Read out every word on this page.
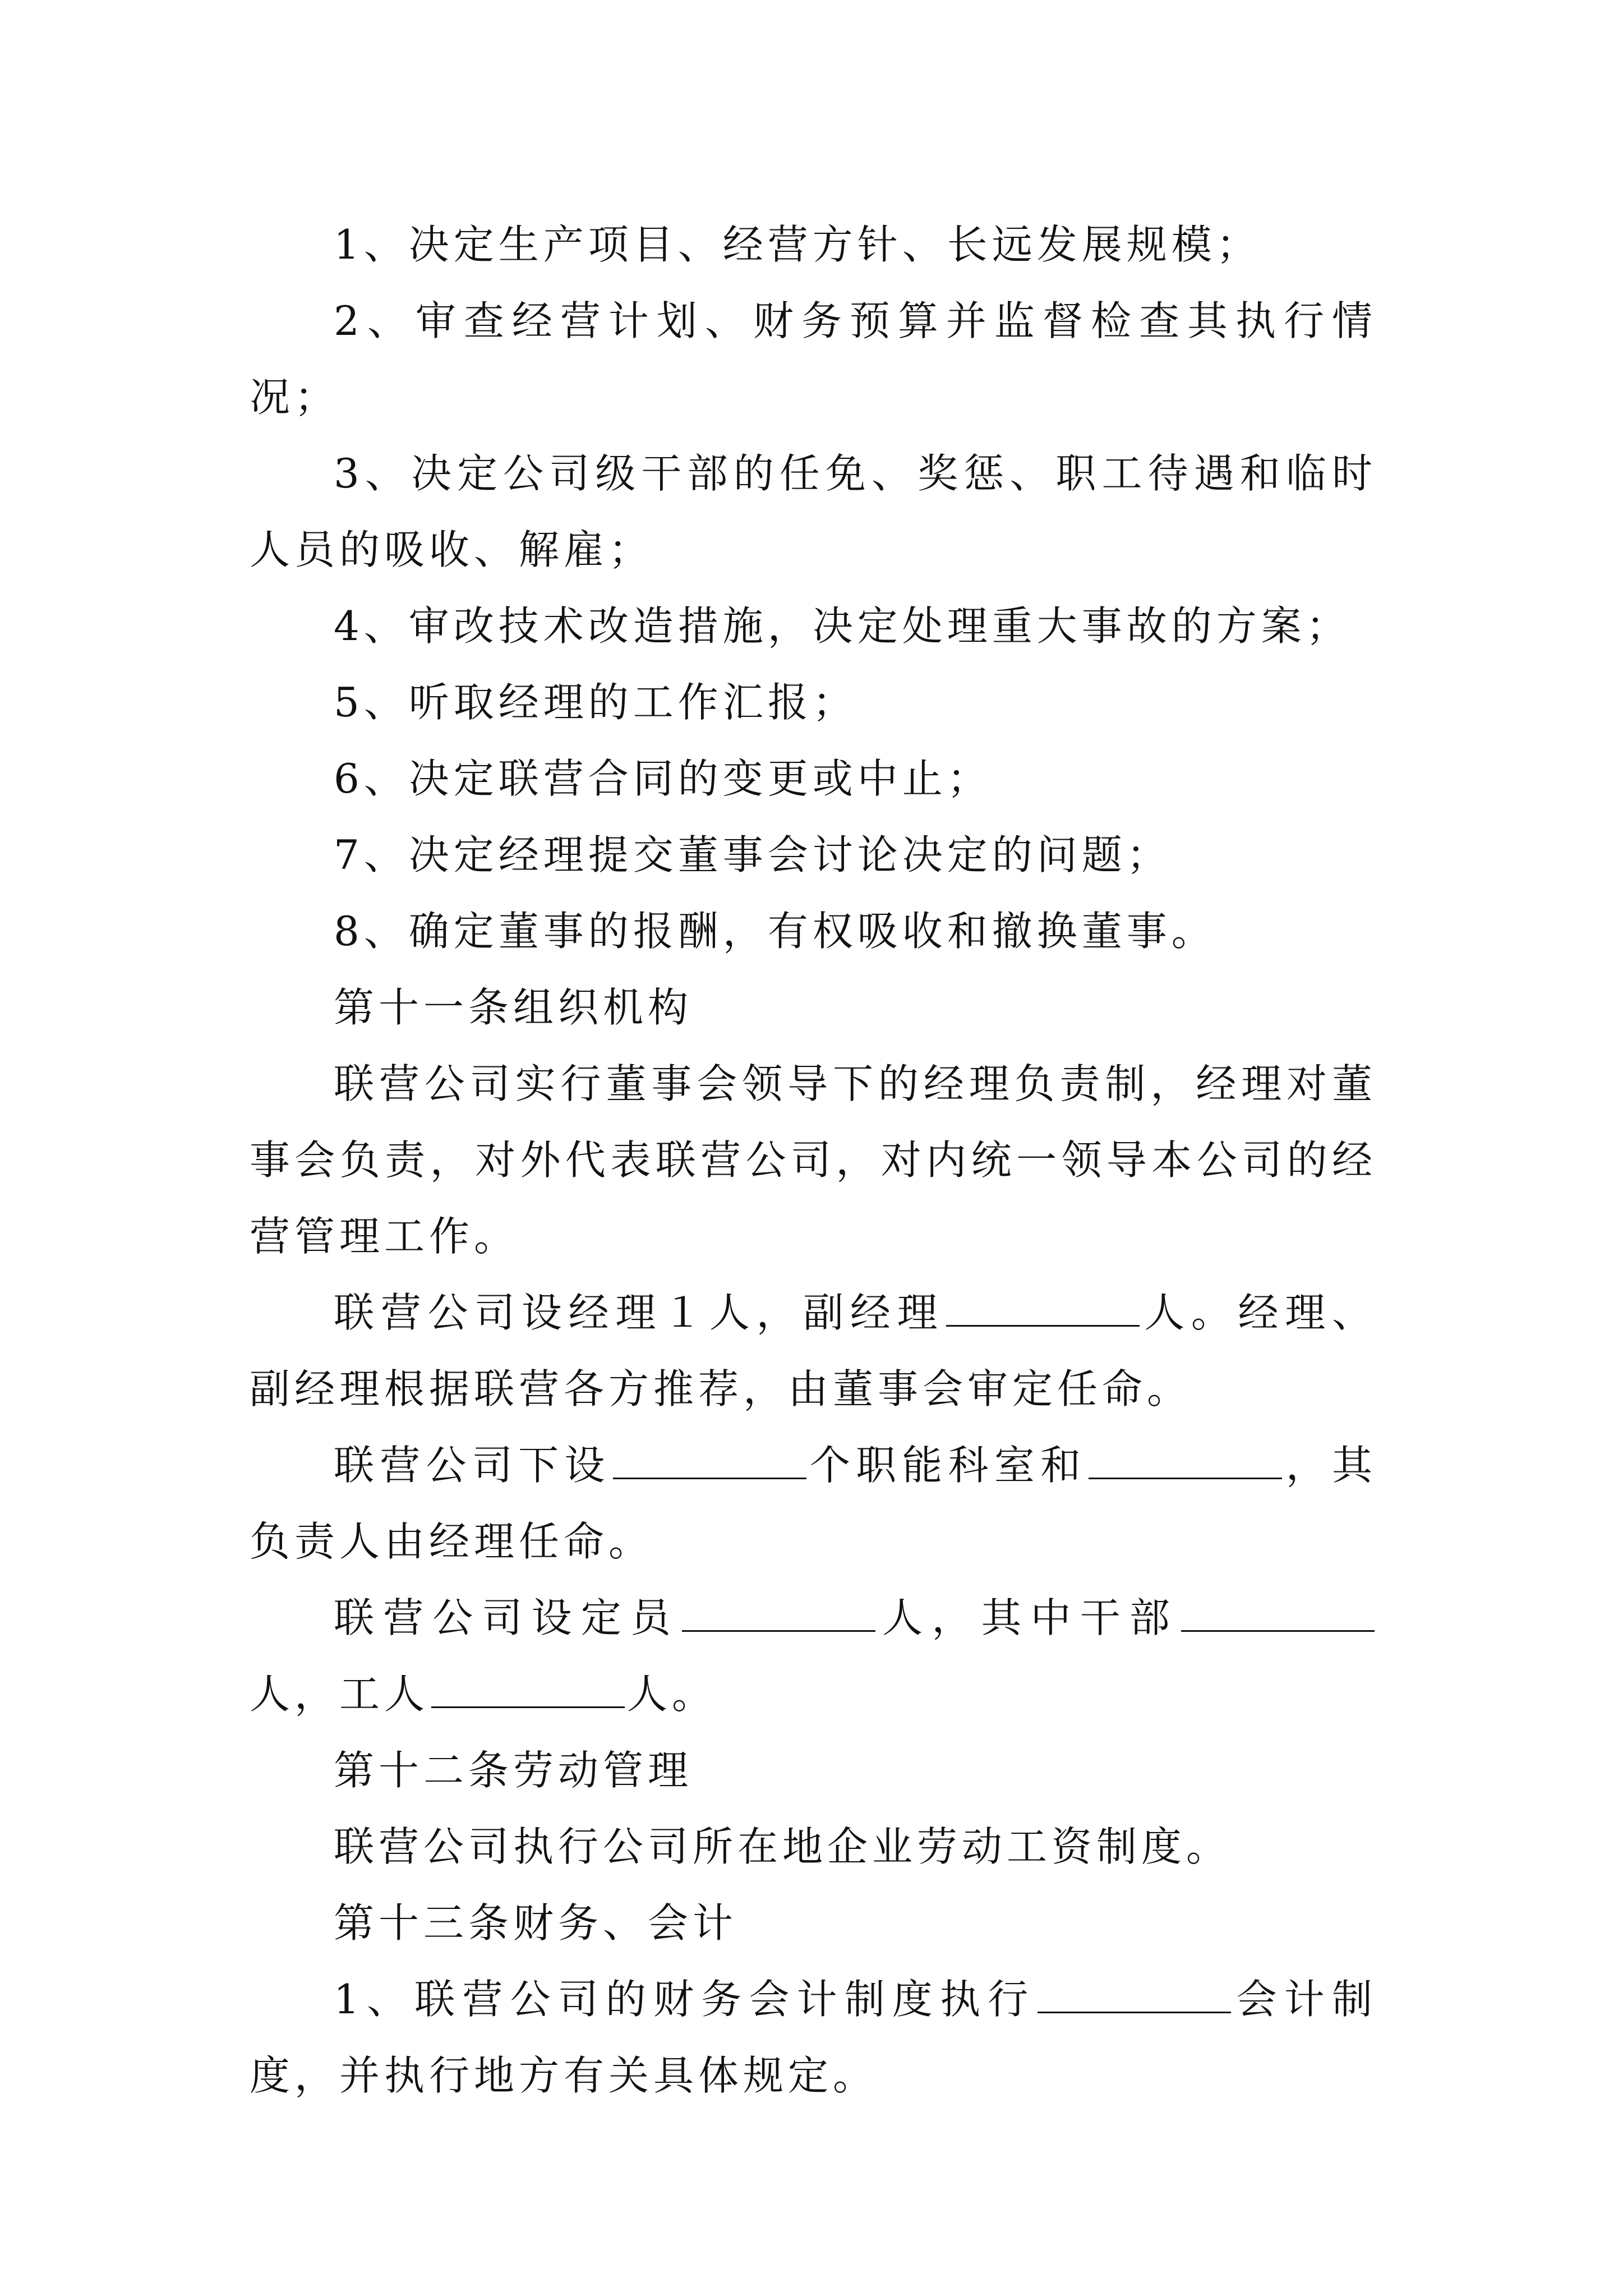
1、决定生产项目、经营方针、长远发展规模；

2、审查经营计划、财务预算并监督检查其执行情况；

3、决定公司级干部的任免、奖惩、职工待遇和临时人员的吸收、解雇；

4、审改技术改造措施，决定处理重大事故的方案；

5、听取经理的工作汇报；

6、决定联营合同的变更或中止；

7、决定经理提交董事会讨论决定的问题；

8、确定董事的报酬，有权吸收和撤换董事。

第十一条组织机构

联营公司实行董事会领导下的经理负责制，经理对董事会负责，对外代表联营公司，对内统一领导本公司的经营管理工作。

联营公司设经理１人，副经理	人。经理、副经理根据联营各方推荐，由董事会审定任命。

联营公司下设	个职能科室和	，其负责人由经理任命。

联营公司设定员	人，其中干部人，工人	人。

第十二条劳动管理

联营公司执行公司所在地企业劳动工资制度。

第十三条财务、会计

1、联营公司的财务会计制度执行	会计制度，并执行地方有关具体规定。
